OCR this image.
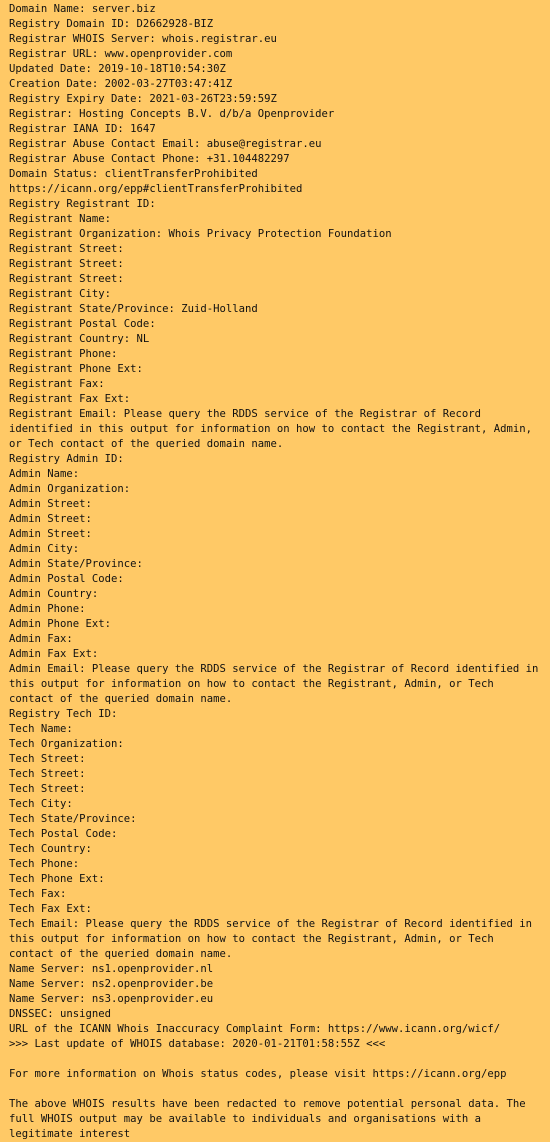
Domain Name: server.biz
Registry Domain ID: D2662928-BIZ
Registrar WHOIS Server: whois.registrar.eu
Registrar URL: www.openprovider.com
Updated Date: 2019-10-18T10:54:30Z
Creation Date: 2002-03-27T03:47:41Z
Registry Expiry Date: 2021-03-26T23:59:59Z
Registrar: Hosting Concepts B.V. d/b/a Openprovider
Registrar IANA ID: 1647
Registrar Abuse Contact Email: abuse@registrar.eu
Registrar Abuse Contact Phone: +31.104482297
Domain Status: clientTransferProhibited https://icann.org/epp#clientTransferProhibited
Registry Registrant ID:
Registrant Name:
Registrant Organization: Whois Privacy Protection Foundation
Registrant Street:
Registrant Street:
Registrant Street:
Registrant City:
Registrant State/Province: Zuid-Holland
Registrant Postal Code:
Registrant Country: NL
Registrant Phone:
Registrant Phone Ext:
Registrant Fax:
Registrant Fax Ext:
Registrant Email: Please query the RDDS service of the Registrar of Record identified in this output for information on how to contact the Registrant, Admin, or Tech contact of the queried domain name.
Registry Admin ID:
Admin Name:
Admin Organization:
Admin Street:
Admin Street:
Admin Street:
Admin City:
Admin State/Province:
Admin Postal Code:
Admin Country:
Admin Phone:
Admin Phone Ext:
Admin Fax:
Admin Fax Ext:
Admin Email: Please query the RDDS service of the Registrar of Record identified in this output for information on how to contact the Registrant, Admin, or Tech contact of the queried domain name.
Registry Tech ID:
Tech Name:
Tech Organization:
Tech Street:
Tech Street:
Tech Street:
Tech City:
Tech State/Province:
Tech Postal Code:
Tech Country:
Tech Phone:
Tech Phone Ext:
Tech Fax:
Tech Fax Ext:
Tech Email: Please query the RDDS service of the Registrar of Record identified in this output for information on how to contact the Registrant, Admin, or Tech contact of the queried domain name.
Name Server: ns1.openprovider.nl
Name Server: ns2.openprovider.be
Name Server: ns3.openprovider.eu
DNSSEC: unsigned
URL of the ICANN Whois Inaccuracy Complaint Form: https://www.icann.org/wicf/
>>> Last update of WHOIS database: 2020-01-21T01:58:55Z <<<
For more information on Whois status codes, please visit https://icann.org/epp
The above WHOIS results have been redacted to remove potential personal data. The full WHOIS output may be available to individuals and organisations with a legitimate interest
